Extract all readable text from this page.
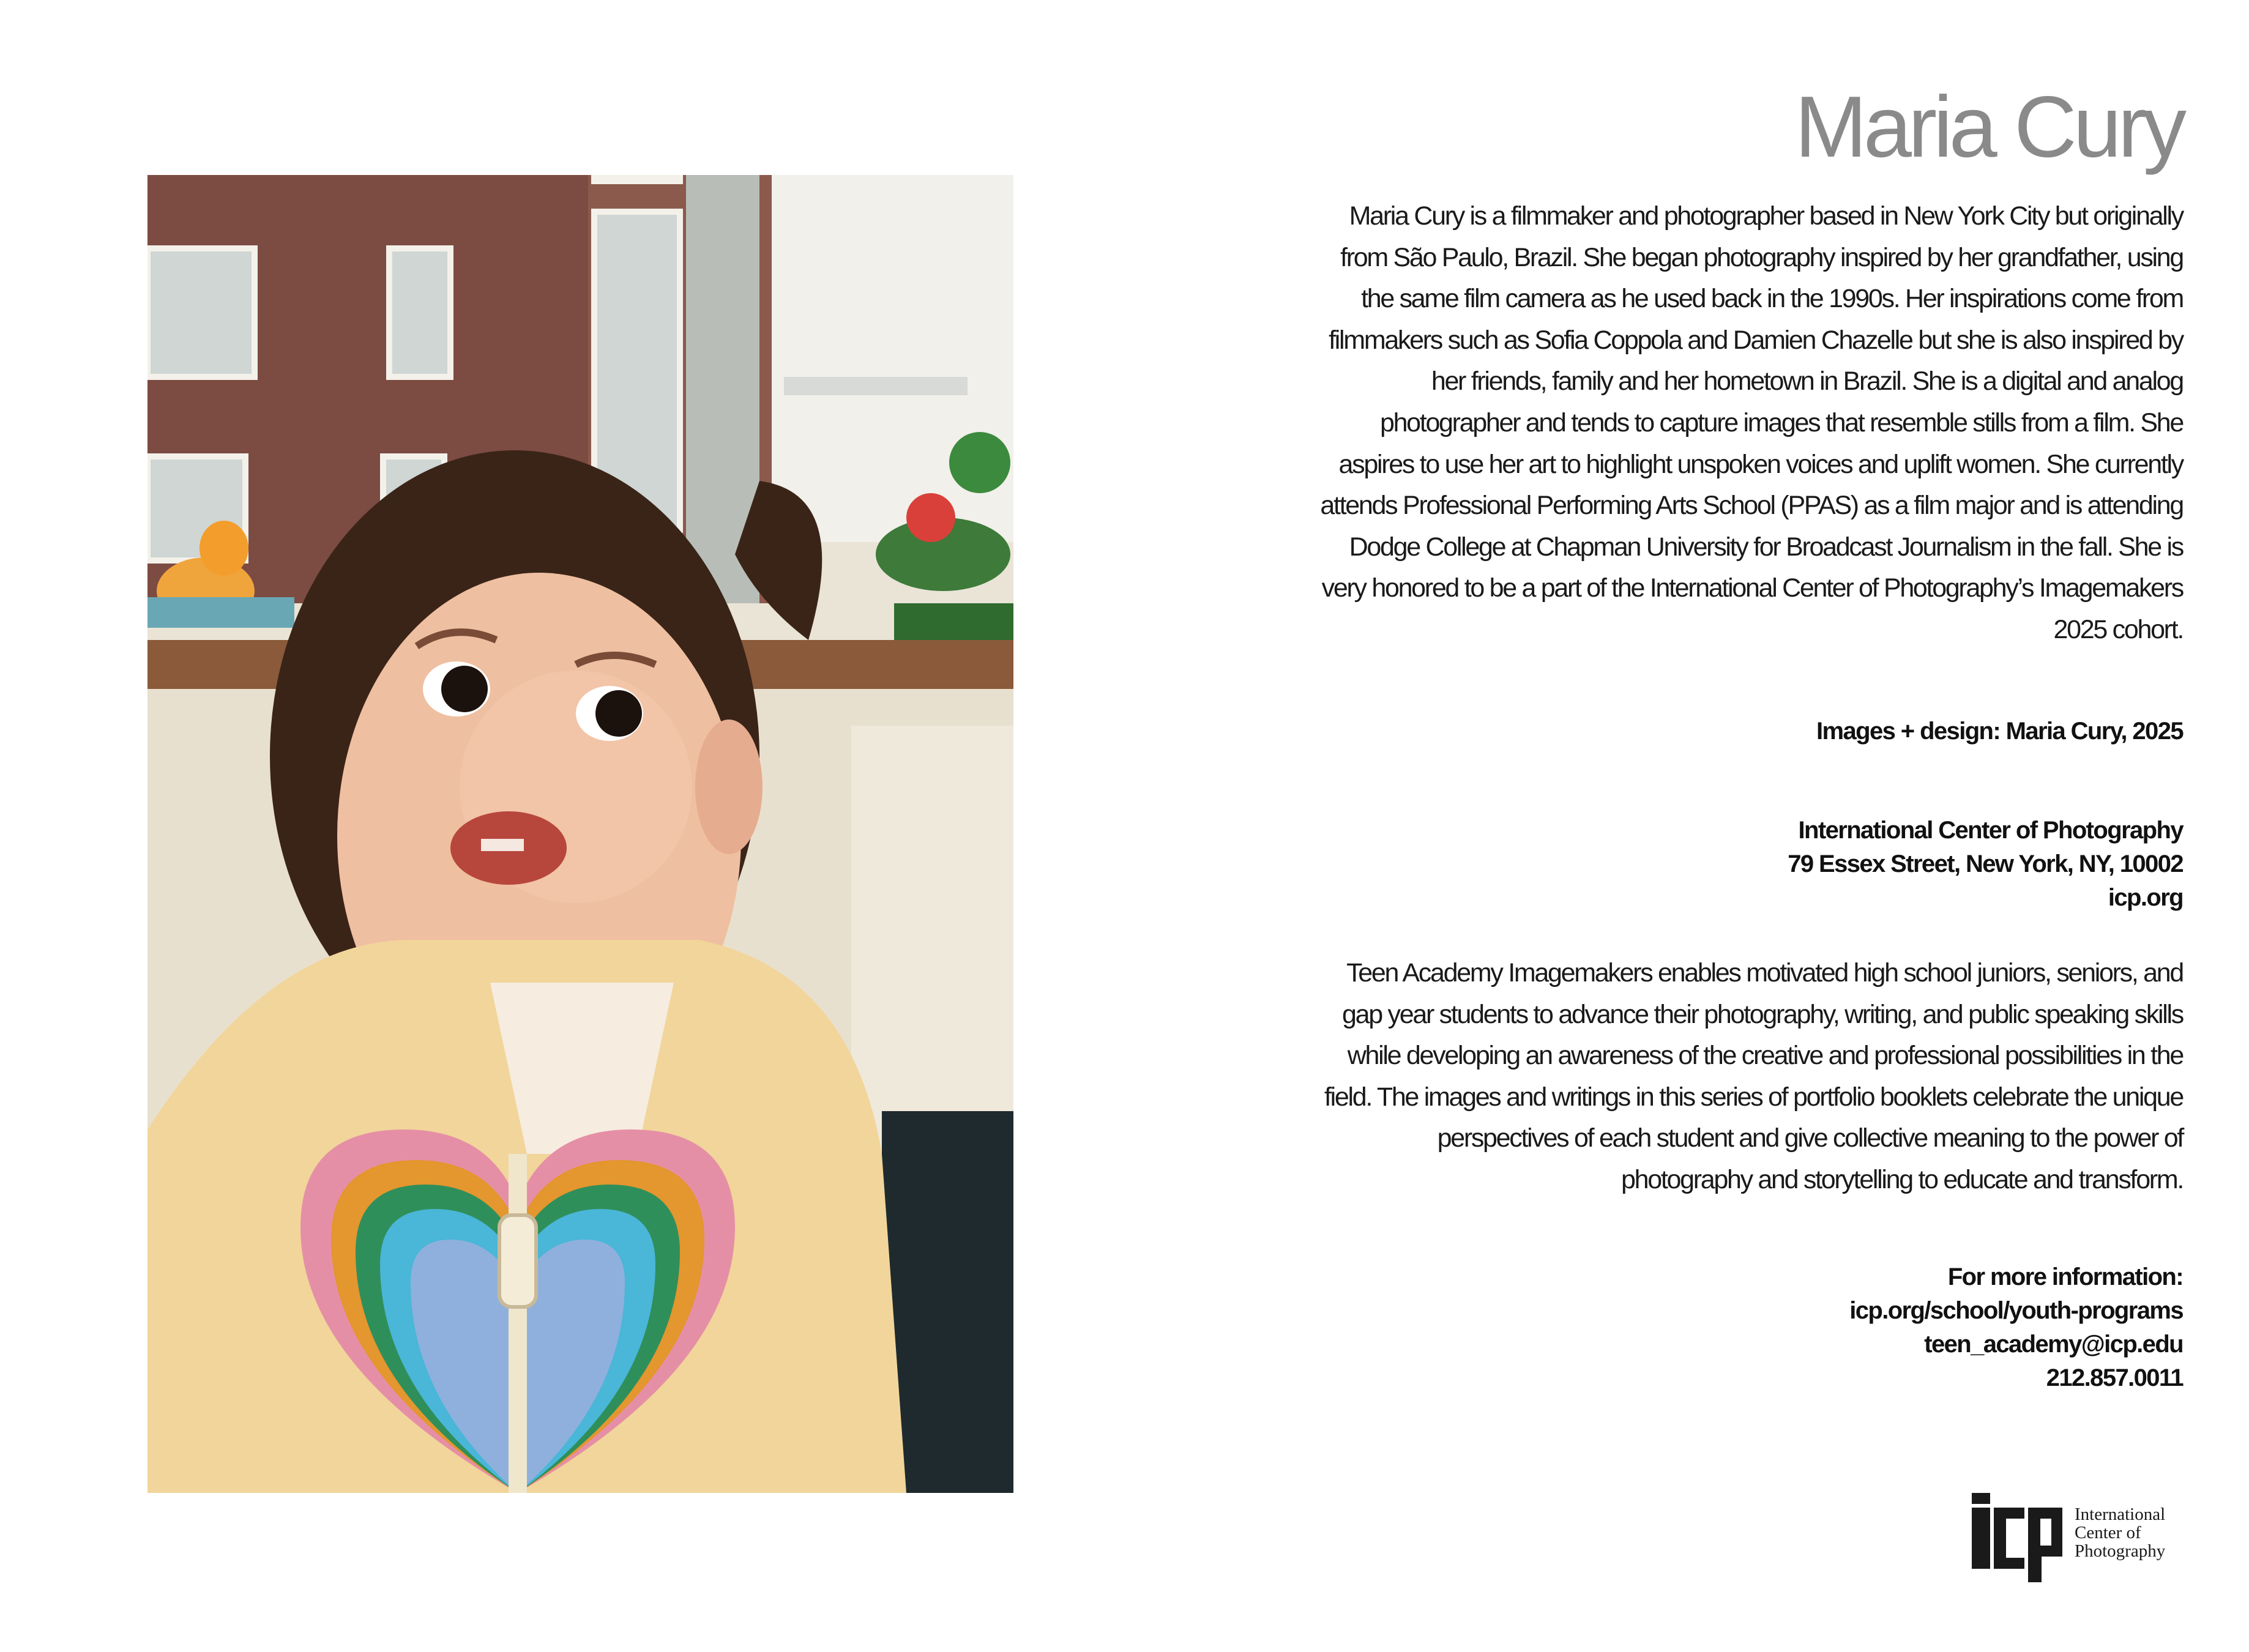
Maria Cury

Maria Cury is a filmmaker and photographer based in New York City but originally from São Paulo, Brazil. She began photography inspired by her grandfather, using the same film camera as he used back in the 1990s. Her inspirations come from filmmakers such as Sofia Coppola and Damien Chazelle but she is also inspired by her friends, family and her hometown in Brazil. She is a digital and analog photographer and tends to capture images that resemble stills from a film. She aspires to use her art to highlight unspoken voices and uplift women. She currently attends Professional Performing Arts School (PPAS) as a film major and is attending Dodge College at Chapman University for Broadcast Journalism in the fall. She is very honored to be a part of the International Center of Photography’s Imagemakers 2025 cohort.

Images + design: Maria Cury, 2025

International Center of Photography
79 Essex Street, New York, NY, 10002
icp.org

Teen Academy Imagemakers enables motivated high school juniors, seniors, and gap year students to advance their photography, writing, and public speaking skills while developing an awareness of the creative and professional possibilities in the field. The images and writings in this series of portfolio booklets celebrate the unique perspectives of each student and give collective meaning to the power of photography and storytelling to educate and transform.

For more information:
icp.org/school/youth-programs
teen_academy@icp.edu
212.857.0011
International
Center of
Photography
